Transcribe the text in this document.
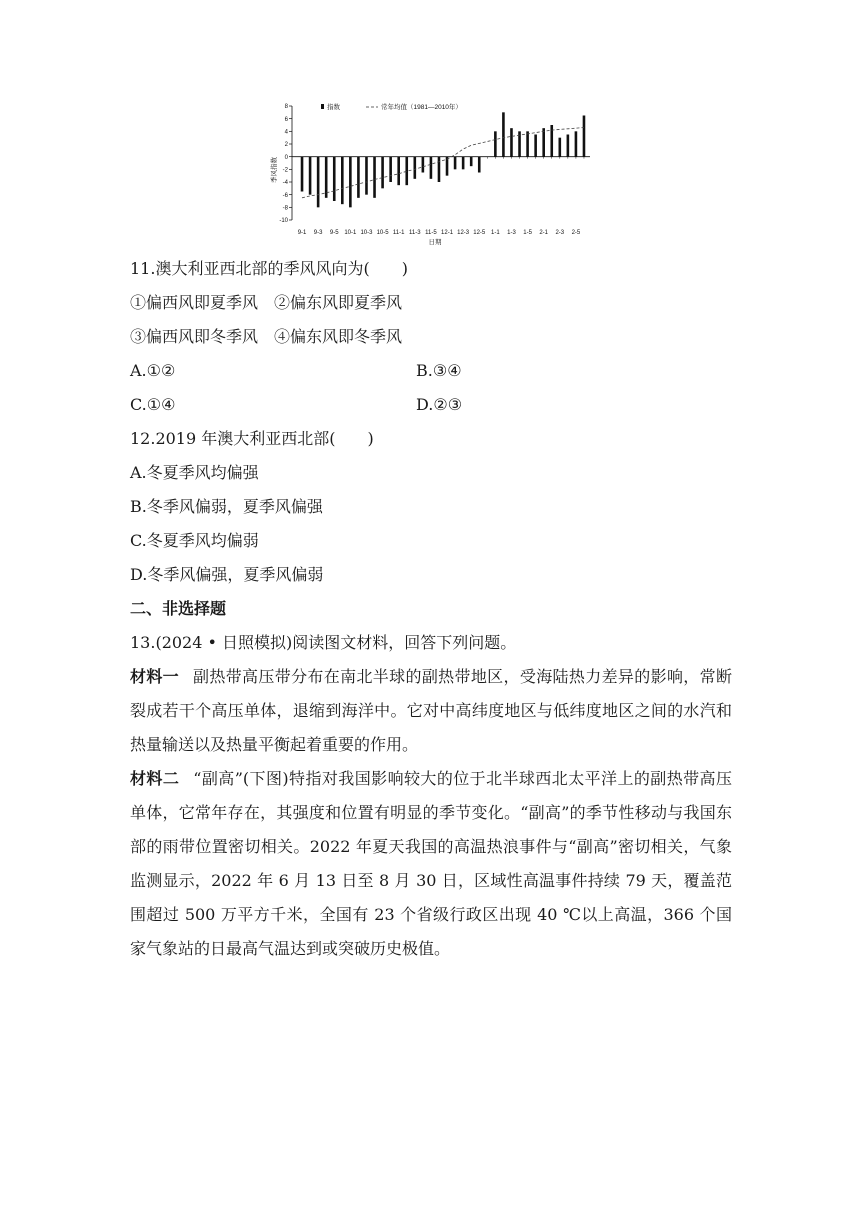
8
6
4
2
0
-2
-4
-6
-8
-10
9-1 9-3 9-5 10-1 10-3 10-5 11-1 11-3 11-5 12-1 12-3 12-5 1-1 1-3 1-5 2-1 2-3 2-5
指数	常年均值（1981—2010年）
季风指数
日期
11.澳大利亚西北部的季风风向为(　　)
①偏西风即夏季风　②偏东风即夏季风
③偏西风即冬季风　④偏东风即冬季风
A.①②	B.③④
C.①④	D.②③
12.2019 年澳大利亚西北部(　　)
A.冬夏季风均偏强
B.冬季风偏弱，夏季风偏强
C.冬夏季风均偏弱
D.冬季风偏强，夏季风偏弱
二、非选择题
13.(2024 • 日照模拟)阅读图文材料，回答下列问题。
材料一 副热带高压带分布在南北半球的副热带地区，受海陆热力差异的影响，常断裂成若干个高压单体，退缩到海洋中。它对中高纬度地区与低纬度地区之间的水汽和热量输送以及热量平衡起着重要的作用。
材料二 “副高”(下图)特指对我国影响较大的位于北半球西北太平洋上的副热带高压单体，它常年存在，其强度和位置有明显的季节变化。“副高”的季节性移动与我国东部的雨带位置密切相关。2022 年夏天我国的高温热浪事件与“副高”密切相关，气象监测显示，2022 年 6 月 13 日至 8 月 30 日，区域性高温事件持续 79 天，覆盖范围超过 500 万平方千米，全国有 23 个省级行政区出现 40 ℃以上高温，366 个国家气象站的日最高气温达到或突破历史极值。
